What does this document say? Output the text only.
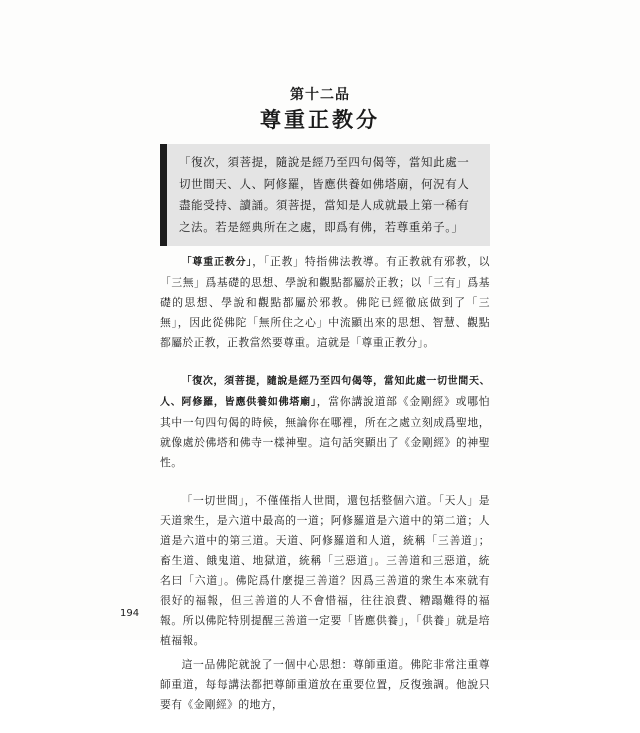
第十二品
尊重正教分

「復次，須菩提，隨說是經乃至四句偈等，當知此處一切世間天、人、阿修羅，皆應供養如佛塔廟，何況有人盡能受持、讀誦。須菩提，當知是人成就最上第一稀有之法。若是經典所在之處，即爲有佛，若尊重弟子。」

「尊重正教分」，「正教」特指佛法教導。有正教就有邪教，以「三無」爲基礎的思想、學說和觀點都屬於正教；以「三有」爲基礎的思想、學說和觀點都屬於邪教。佛陀已經徹底做到了「三無」，因此從佛陀「無所住之心」中流顯出來的思想、智慧、觀點都屬於正教，正教當然要尊重。這就是「尊重正教分」。

「復次，須菩提，隨說是經乃至四句偈等，當知此處一切世間天、人、阿修羅，皆應供養如佛塔廟」，當你講說道部《金剛經》或哪怕其中一句四句偈的時候，無論你在哪裡，所在之處立刻成爲聖地，就像處於佛塔和佛寺一樣神聖。這句話突顯出了《金剛經》的神聖性。

「一切世間」，不僅僅指人世間，還包括整個六道。「天人」是天道衆生，是六道中最高的一道；阿修羅道是六道中的第二道；人道是六道中的第三道。天道、阿修羅道和人道，統稱「三善道」；畜生道、餓鬼道、地獄道，統稱「三惡道」。三善道和三惡道，統名曰「六道」。佛陀爲什麼提三善道？因爲三善道的衆生本來就有很好的福報，但三善道的人不會惜福，往往浪費、糟蹋難得的福報。所以佛陀特別提醒三善道一定要「皆應供養」，「供養」就是培植福報。

這一品佛陀就說了一個中心思想：尊師重道。佛陀非常注重尊師重道，每每講法都把尊師重道放在重要位置，反復強調。他說只要有《金剛經》的地方，

194
